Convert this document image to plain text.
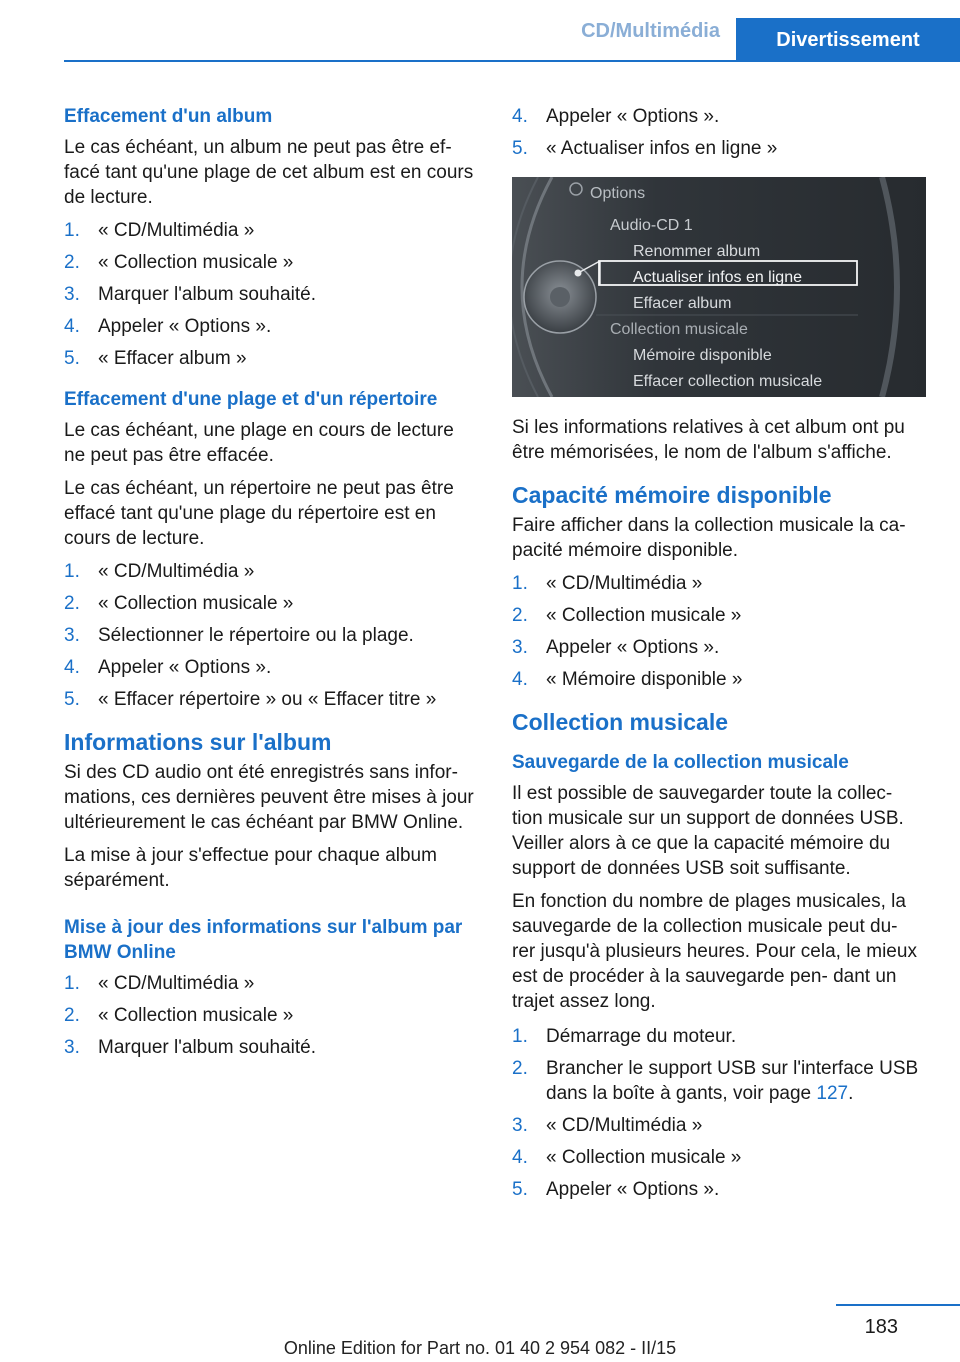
CD/Multimédia	Divertissement
Effacement d'un album

Le cas échéant, un album ne peut pas être ef‐ facé tant qu'une plage de cet album est en cours de lecture.

1. « CD/Multimédia »
2. « Collection musicale »
3. Marquer l'album souhaité.
4. Appeler « Options ».
5. « Effacer album »
Effacement d'une plage et d'un répertoire

Le cas échéant, une plage en cours de lecture ne peut pas être effacée.

Le cas échéant, un répertoire ne peut pas être effacé tant qu'une plage du répertoire est en cours de lecture.

1. « CD/Multimédia »
2. « Collection musicale »
3. Sélectionner le répertoire ou la plage.
4. Appeler « Options ».
5. « Effacer répertoire » ou « Effacer titre »
Informations sur l'album

Si des CD audio ont été enregistrés sans infor‐ mations, ces dernières peuvent être mises à jour ultérieurement le cas échéant par BMW Online.

La mise à jour s'effectue pour chaque album séparément.

Mise à jour des informations sur l'album par BMW Online
1. « CD/Multimédia »
2. « Collection musicale »
3. Marquer l'album souhaité.
4. Appeler « Options ».
5. « Actualiser infos en ligne »
Options
Audio-CD 1
Renommer album
Actualiser infos en ligne
Effacer album
Collection musicale
Mémoire disponible
Effacer collection musicale

Si les informations relatives à cet album ont pu être mémorisées, le nom de l'album s'affiche.

Capacité mémoire disponible

Faire afficher dans la collection musicale la ca‐ pacité mémoire disponible.

1. « CD/Multimédia »
2. « Collection musicale »
3. Appeler « Options ».
4. « Mémoire disponible »
Collection musicale
Sauvegarde de la collection musicale

Il est possible de sauvegarder toute la collec‐ tion musicale sur un support de données USB. Veiller alors à ce que la capacité mémoire du support de données USB soit suffisante.

En fonction du nombre de plages musicales, la sauvegarde de la collection musicale peut du‐ rer jusqu'à plusieurs heures. Pour cela, le mieux est de procéder à la sauvegarde pen‐ dant un trajet assez long.

1. Démarrage du moteur.
2. Brancher le support USB sur l'interface USB dans la boîte à gants, voir page 127.
3. « CD/Multimédia »
4. « Collection musicale »
5. Appeler « Options ».
183
Online Edition for Part no. 01 40 2 954 082 - II/15
